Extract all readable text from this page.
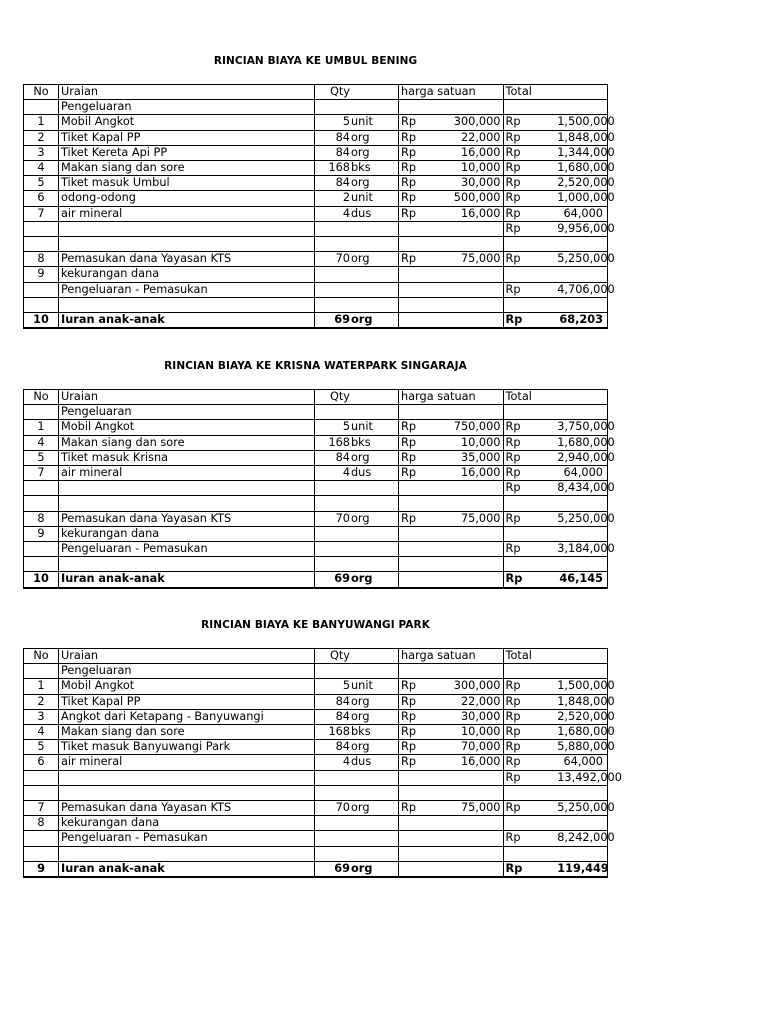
RINCIAN BIAYA KE UMBUL BENING
No	Uraian	Qty		harga satuan		Total	
	Pengeluaran						
1	Mobil Angkot	5	unit	Rp	300,000	Rp	1,500,000
2	Tiket Kapal PP	84	org	Rp	22,000	Rp	1,848,000
3	Tiket Kereta Api PP	84	org	Rp	16,000	Rp	1,344,000
4	Makan siang dan sore	168	bks	Rp	10,000	Rp	1,680,000
5	Tiket masuk Umbul	84	org	Rp	30,000	Rp	2,520,000
6	odong-odong	2	unit	Rp	500,000	Rp	1,000,000
7	air mineral	4	dus	Rp	16,000	Rp	64,000
						Rp	9,956,000

8	Pemasukan dana Yayasan KTS	70	org	Rp	75,000	Rp	5,250,000
9	kekurangan dana						
	Pengeluaran - Pemasukan					Rp	4,706,000

10	Iuran anak-anak	69	org			Rp	68,203
RINCIAN BIAYA KE KRISNA WATERPARK SINGARAJA
No	Uraian	Qty		harga satuan		Total	
	Pengeluaran						
1	Mobil Angkot	5	unit	Rp	750,000	Rp	3,750,000
4	Makan siang dan sore	168	bks	Rp	10,000	Rp	1,680,000
5	Tiket masuk Krisna	84	org	Rp	35,000	Rp	2,940,000
7	air mineral	4	dus	Rp	16,000	Rp	64,000
						Rp	8,434,000

8	Pemasukan dana Yayasan KTS	70	org	Rp	75,000	Rp	5,250,000
9	kekurangan dana						
	Pengeluaran - Pemasukan					Rp	3,184,000

10	Iuran anak-anak	69	org			Rp	46,145
RINCIAN BIAYA KE BANYUWANGI PARK
No	Uraian	Qty		harga satuan		Total	
	Pengeluaran						
1	Mobil Angkot	5	unit	Rp	300,000	Rp	1,500,000
2	Tiket Kapal PP	84	org	Rp	22,000	Rp	1,848,000
3	Angkot dari Ketapang - Banyuwangi	84	org	Rp	30,000	Rp	2,520,000
4	Makan siang dan sore	168	bks	Rp	10,000	Rp	1,680,000
5	Tiket masuk Banyuwangi Park	84	org	Rp	70,000	Rp	5,880,000
6	air mineral	4	dus	Rp	16,000	Rp	64,000
						Rp	13,492,000

7	Pemasukan dana Yayasan KTS	70	org	Rp	75,000	Rp	5,250,000
8	kekurangan dana						
	Pengeluaran - Pemasukan					Rp	8,242,000

9	Iuran anak-anak	69	org			Rp	119,449
